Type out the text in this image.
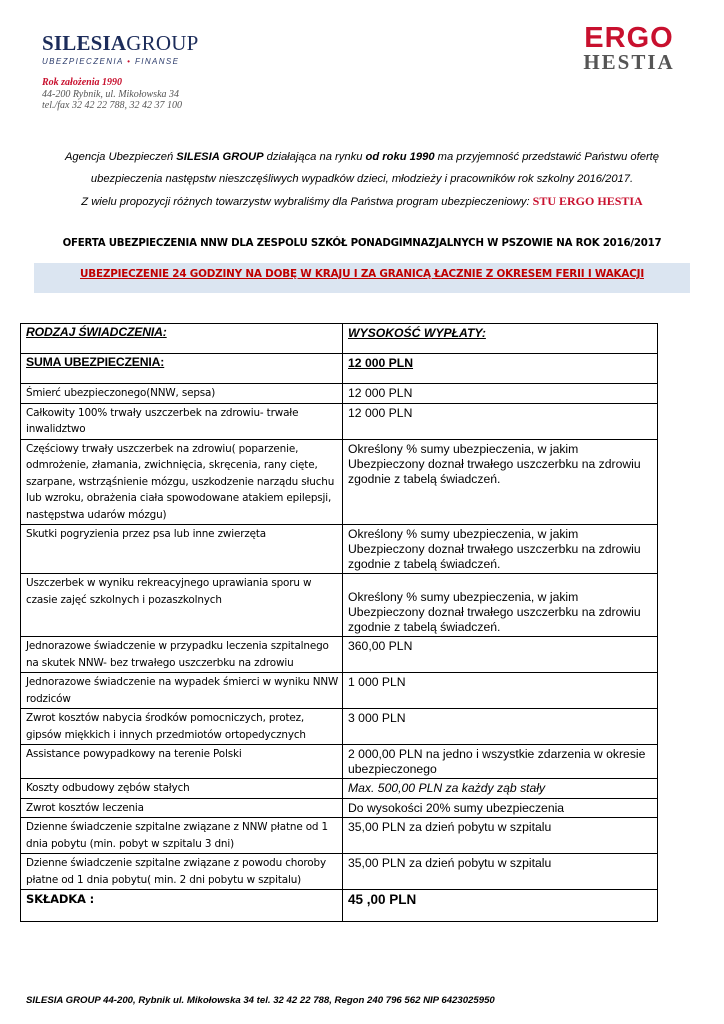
SILESIAGROUP
UBEZPIECZENIA • FINANSE
ERGO
HESTIA
Rok założenia 1990
44-200 Rybnik, ul. Mikołowska 34
tel./fax 32 42 22 788, 32 42 37 100
Agencja Ubezpieczeń SILESIA GROUP działająca na rynku od roku 1990 ma przyjemność przedstawić Państwu ofertę
ubezpieczenia następstw nieszczęśliwych wypadków dzieci, młodzieży i pracowników rok szkolny 2016/2017.
Z wielu propozycji różnych towarzystw wybraliśmy dla Państwa program ubezpieczeniowy: STU ERGO HESTIA
OFERTA UBEZPIECZENIA NNW DLA ZESPOLU SZKÓŁ PONADGIMNAZJALNYCH W PSZOWIE NA ROK 2016/2017
UBEZPIECZENIE 24 GODZINY NA DOBĘ W KRAJU I ZA GRANICĄ ŁACZNIE Z OKRESEM FERII I WAKACJI
RODZAJ ŚWIADCZENIA:	WYSOKOŚĆ WYPŁATY:
SUMA UBEZPIECZENIA:	12 000 PLN
Śmierć ubezpieczonego(NNW, sepsa)	12 000 PLN
Całkowity 100% trwały uszczerbek na zdrowiu- trwałe inwalidztwo	12 000 PLN
Częściowy trwały uszczerbek na zdrowiu( poparzenie, odmrożenie, złamania, zwichnięcia, skręcenia, rany cięte, szarpane, wstrząśnienie mózgu, uszkodzenie narządu słuchu lub wzroku, obrażenia ciała spowodowane atakiem epilepsji, następstwa udarów mózgu)	Określony % sumy ubezpieczenia, w jakim Ubezpieczony doznał trwałego uszczerbku na zdrowiu zgodnie z tabelą świadczeń.
Skutki pogryzienia przez psa lub inne zwierzęta	Określony % sumy ubezpieczenia, w jakim Ubezpieczony doznał trwałego uszczerbku na zdrowiu zgodnie z tabelą świadczeń.
Uszczerbek w wyniku rekreacyjnego uprawiania sporu w czasie zajęć szkolnych i pozaszkolnych	Określony % sumy ubezpieczenia, w jakim Ubezpieczony doznał trwałego uszczerbku na zdrowiu zgodnie z tabelą świadczeń.
Jednorazowe świadczenie w przypadku leczenia szpitalnego na skutek NNW- bez trwałego uszczerbku na zdrowiu	360,00 PLN
Jednorazowe świadczenie na wypadek śmierci w wyniku NNW rodziców	1 000 PLN
Zwrot kosztów nabycia środków pomocniczych, protez, gipsów miękkich i innych przedmiotów ortopedycznych	3 000 PLN
Assistance powypadkowy na terenie Polski	2 000,00 PLN na jedno i wszystkie zdarzenia w okresie ubezpieczonego
Koszty odbudowy zębów stałych	Max. 500,00 PLN za każdy ząb stały
Zwrot kosztów leczenia	Do wysokości 20% sumy ubezpieczenia
Dzienne świadczenie szpitalne związane z NNW płatne od 1 dnia pobytu (min. pobyt w szpitalu 3 dni)	35,00 PLN za dzień pobytu w szpitalu
Dzienne świadczenie szpitalne związane z powodu choroby płatne od 1 dnia pobytu( min. 2 dni pobytu w szpitalu)	35,00 PLN za dzień pobytu w szpitalu
SKŁADKA :	45 ,00 PLN
SILESIA GROUP 44-200, Rybnik ul. Mikołowska 34 tel. 32 42 22 788, Regon 240 796 562 NIP 6423025950
